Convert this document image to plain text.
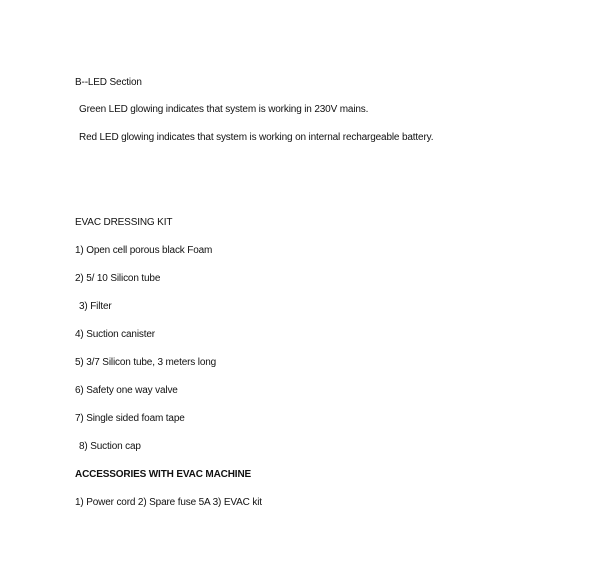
B--LED Section
Green LED glowing indicates that system is working in 230V mains.
Red LED glowing indicates that system is working on internal rechargeable battery.
EVAC DRESSING KIT
1) Open cell porous black Foam
2) 5/ 10 Silicon tube
3) Filter
4) Suction canister
5) 3/7 Silicon tube, 3 meters long
6) Safety one way valve
7) Single sided foam tape
8) Suction cap
ACCESSORIES WITH EVAC MACHINE
1) Power cord 2) Spare fuse 5A 3) EVAC kit
